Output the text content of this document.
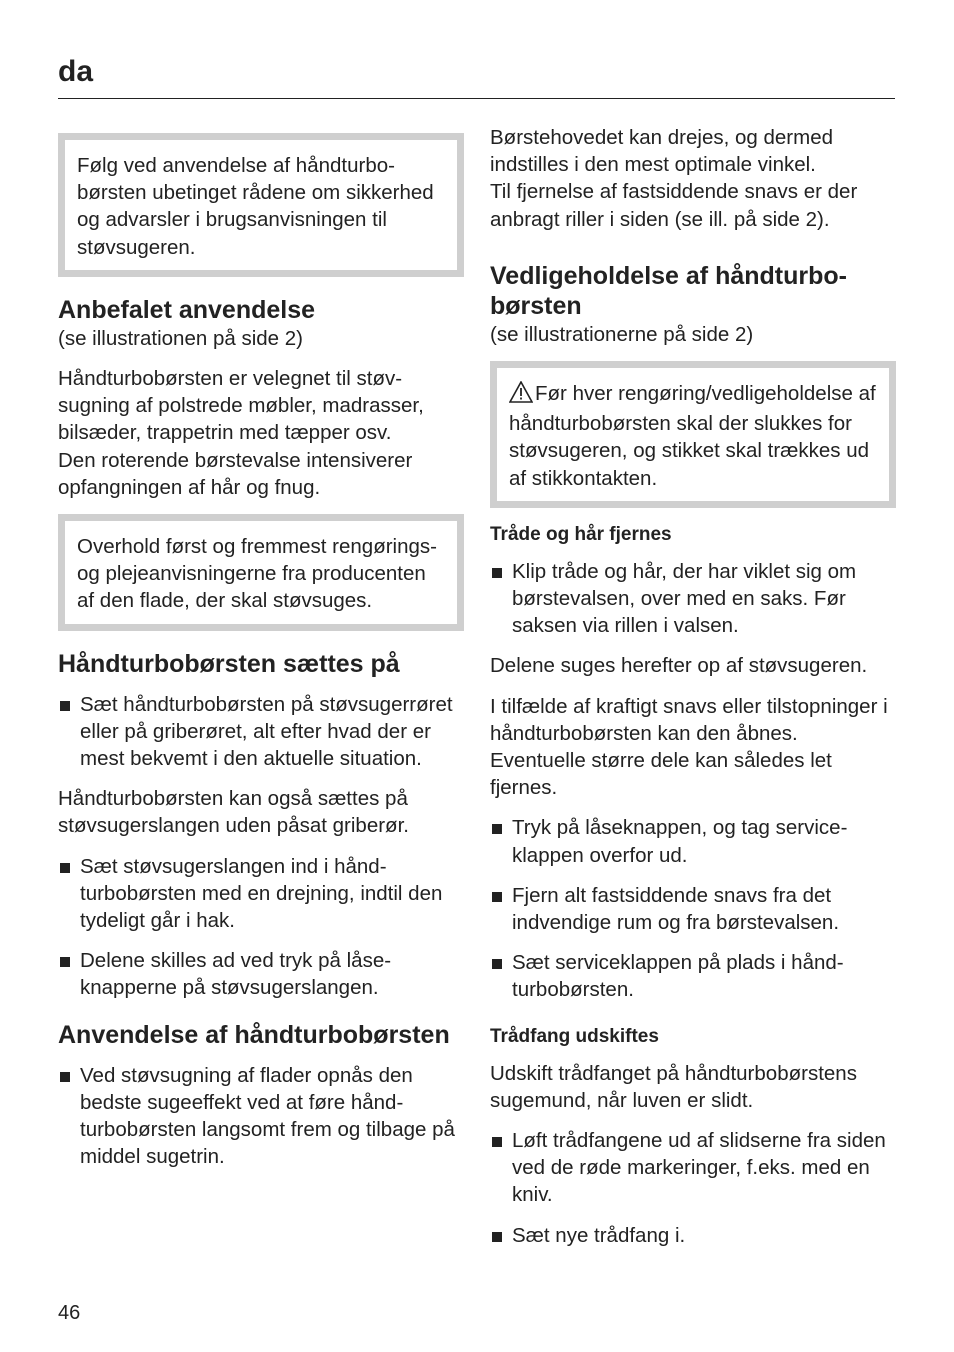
da
Følg ved anvendelse af håndturbobørsten ubetinget rådene om sikkerhed og advarsler i brugsanvisningen til støvsugeren.
Anbefalet anvendelse

(se illustrationen på side 2)

Håndturbobørsten er velegnet til støvsugning af polstrede møbler, madrasser, bilsæder, trappetrin med tæpper osv.

Den roterende børstevalse intensiverer opfangningen af hår og fnug.

Overhold først og fremmest rengørings- og plejeanvisningerne fra producenten af den flade, der skal støvsuges.
Håndturbobørsten sættes på
Sæt håndturbobørsten på støvsugerrøret eller på griberøret, alt efter hvad der er mest bekvemt i den aktuelle situation.

Håndturbobørsten kan også sættes på støvsugerslangen uden påsat griberør.

Sæt støvsugerslangen ind i håndturbobørsten med en drejning, indtil den tydeligt går i hak.
Delene skilles ad ved tryk på låseknapperne på støvsugerslangen.
Anvendelse af håndturbobørsten
Ved støvsugning af flader opnås den bedste sugeeffekt ved at føre håndturbobørsten langsomt frem og tilbage på middel sugetrin.

Børstehovedet kan drejes, og dermed indstilles i den mest optimale vinkel.

Til fjernelse af fastsiddende snavs er der anbragt riller i siden (se ill. på side 2).

Vedligeholdelse af håndturbobørsten

(se illustrationerne på side 2)

Før hver rengøring/vedligeholdelse af håndturbobørsten skal der slukkes for støvsugeren, og stikket skal trækkes ud af stikkontakten.
Tråde og hår fjernes
Klip tråde og hår, der har viklet sig om børstevalsen, over med en saks. Før saksen via rillen i valsen.

Delene suges herefter op af støvsugeren.

I tilfælde af kraftigt snavs eller tilstopninger i håndturbobørsten kan den åbnes. Eventuelle større dele kan således let fjernes.

Tryk på låseknappen, og tag serviceklappen overfor ud.
Fjern alt fastsiddende snavs fra det indvendige rum og fra børstevalsen.
Sæt serviceklappen på plads i håndturbobørsten.
Trådfang udskiftes

Udskift trådfanget på håndturbobørstens sugemund, når luven er slidt.

Løft trådfangene ud af slidserne fra siden ved de røde markeringer, f.eks. med en kniv.
Sæt nye trådfang i.
46
